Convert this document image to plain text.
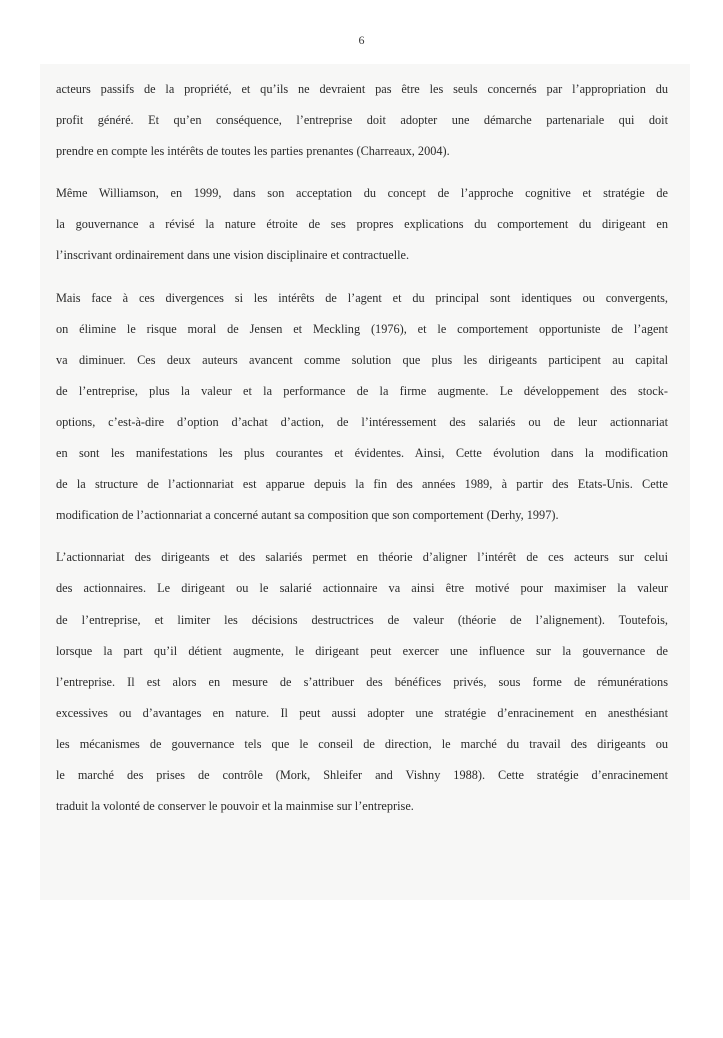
6
acteurs passifs de la propriété, et qu’ils ne devraient pas être les seuls concernés par l’appropriation du
profit généré. Et qu’en conséquence, l’entreprise doit adopter une démarche partenariale qui doit
prendre en compte les intérêts de toutes les parties prenantes (Charreaux, 2004).
Même Williamson, en 1999, dans son acceptation du concept de l’approche cognitive et stratégie de
la gouvernance a révisé la nature étroite de ses propres explications du comportement du dirigeant en
l’inscrivant ordinairement dans une vision disciplinaire et contractuelle.
Mais face à ces divergences si les intérêts de l’agent et du principal sont identiques ou convergents,
on élimine le risque moral de Jensen et Meckling (1976), et le comportement opportuniste de l’agent
va diminuer. Ces deux auteurs avancent comme solution que plus les dirigeants participent au capital
de l’entreprise, plus la valeur et la performance de la firme augmente. Le développement des stock-
options, c’est-à-dire d’option d’achat d’action, de l’intéressement des salariés ou de leur actionnariat
en sont les manifestations les plus courantes et évidentes. Ainsi, Cette évolution dans la modification
de la structure de l’actionnariat est apparue depuis la fin des années 1989, à partir des Etats-Unis. Cette
modification de l’actionnariat a concerné autant sa composition que son comportement (Derhy, 1997).
L’actionnariat des dirigeants et des salariés permet en théorie d’aligner l’intérêt de ces acteurs sur celui
des actionnaires. Le dirigeant ou le salarié actionnaire va ainsi être motivé pour maximiser la valeur
de l’entreprise, et limiter les décisions destructrices de valeur (théorie de l’alignement). Toutefois,
lorsque la part qu’il détient augmente, le dirigeant peut exercer une influence sur la gouvernance de
l’entreprise. Il est alors en mesure de s’attribuer des bénéfices privés, sous forme de rémunérations
excessives ou d’avantages en nature. Il peut aussi adopter une stratégie d’enracinement en anesthésiant
les mécanismes de gouvernance tels que le conseil de direction, le marché du travail des dirigeants ou
le marché des prises de contrôle (Mork, Shleifer and Vishny 1988). Cette stratégie d’enracinement
traduit la volonté de conserver le pouvoir et la mainmise sur l’entreprise.
